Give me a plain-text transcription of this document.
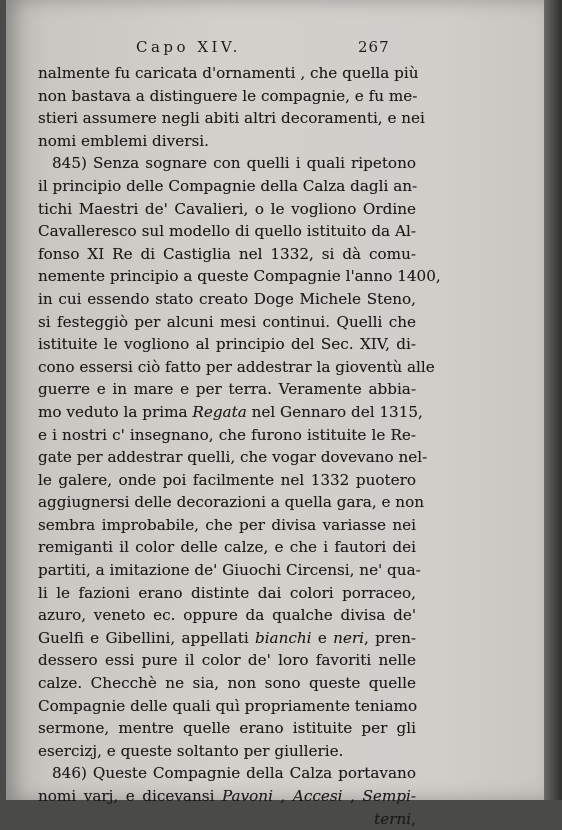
Capo XIV.	267
nalmente fu caricata d'ornamenti , che quella più
non bastava a distinguere le compagnie, e fu me-
stieri assumere negli abiti altri decoramenti, e nei
nomi emblemi diversi.
845) Senza sognare con quelli i quali ripetono
il principio delle Compagnie della Calza dagli an-
tichi Maestri de' Cavalieri, o le vogliono Ordine
Cavalleresco sul modello di quello istituito da Al-
fonso XI Re di Castiglia nel 1332, si dà comu-
nemente principio a queste Compagnie l'anno 1400,
in cui essendo stato creato Doge Michele Steno,
si festeggiò per alcuni mesi continui. Quelli che
istituite le vogliono al principio del Sec. XIV, di-
cono essersi ciò fatto per addestrar la gioventù alle
guerre e in mare e per terra. Veramente abbia-
mo veduto la prima Regata nel Gennaro del 1315,
e i nostri c' insegnano, che furono istituite le Re-
gate per addestrar quelli, che vogar dovevano nel-
le galere, onde poi facilmente nel 1332 puotero
aggiugnersi delle decorazioni a quella gara, e non
sembra improbabile, che per divisa variasse nei
remiganti il color delle calze, e che i fautori dei
partiti, a imitazione de' Giuochi Circensi, ne' qua-
li le fazioni erano distinte dai colori porraceo,
azuro, veneto ec. oppure da qualche divisa de'
Guelfi e Gibellini, appellati bianchi e neri, pren-
dessero essi pure il color de' loro favoriti nelle
calze. Checchè ne sia, non sono queste quelle
Compagnie delle quali quì propriamente teniamo
sermone, mentre quelle erano istituite per gli
esercizj, e queste soltanto per giullerie.
846) Queste Compagnie della Calza portavano
nomi varj, e dicevansi Pavoni , Accesi , Sempi-
terni,
